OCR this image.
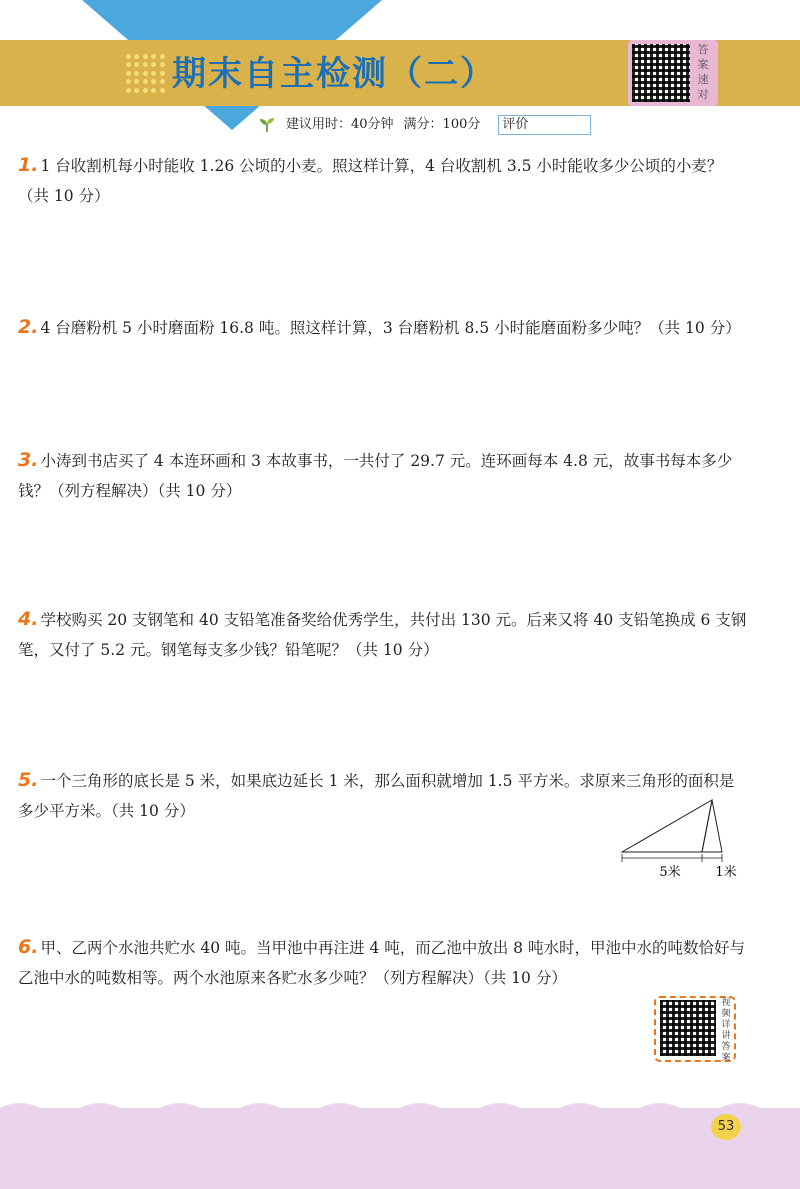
期末自主检测（二）
答案速对
建议用时：40分钟 满分：100分	评价
1. 1 台收割机每小时能收 1.26 公顷的小麦。照这样计算，4 台收割机 3.5 小时能收多少公顷的小麦？（共 10 分）
2. 4 台磨粉机 5 小时磨面粉 16.8 吨。照这样计算，3 台磨粉机 8.5 小时能磨面粉多少吨？（共 10 分）
3. 小涛到书店买了 4 本连环画和 3 本故事书，一共付了 29.7 元。连环画每本 4.8 元，故事书每本多少钱？（列方程解决）（共 10 分）
4. 学校购买 20 支钢笔和 40 支铅笔准备奖给优秀学生，共付出 130 元。后来又将 40 支铅笔换成 6 支钢笔，又付了 5.2 元。钢笔每支多少钱？铅笔呢？（共 10 分）
5. 一个三角形的底长是 5 米，如果底边延长 1 米，那么面积就增加 1.5 平方米。求原来三角形的面积是多少平方米。（共 10 分）
5米	1米
6. 甲、乙两个水池共贮水 40 吨。当甲池中再注进 4 吨，而乙池中放出 8 吨水时，甲池中水的吨数恰好与乙池中水的吨数相等。两个水池原来各贮水多少吨？（列方程解决）（共 10 分）
视频详讲答案
53
